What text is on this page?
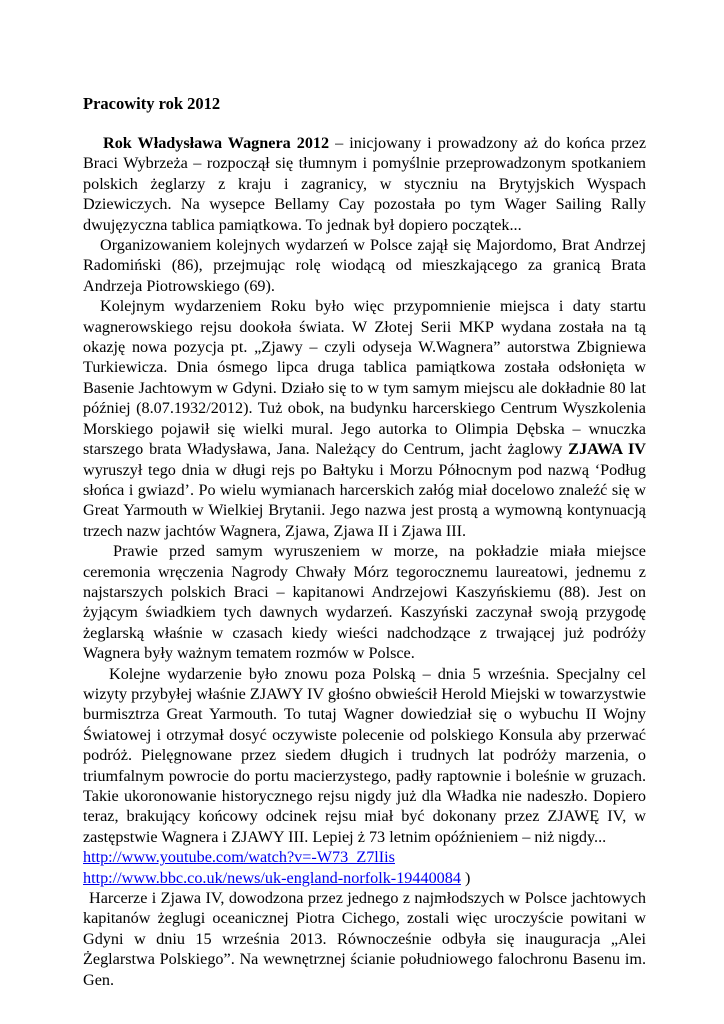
Pracowity rok 2012

Rok Władysława Wagnera 2012 – inicjowany i prowadzony aż do końca przez Braci Wybrzeża – rozpoczął się tłumnym i pomyślnie przeprowadzonym spotkaniem polskich żeglarzy z kraju i zagranicy, w styczniu na Brytyjskich Wyspach Dziewiczych. Na wysepce Bellamy Cay pozostała po tym Wager Sailing Rally dwujęzyczna tablica pamiątkowa. To jednak był dopiero początek...

Organizowaniem kolejnych wydarzeń w Polsce zajął się Majordomo, Brat Andrzej Radomiński (86), przejmując rolę wiodącą od mieszkającego za granicą Brata Andrzeja Piotrowskiego (69).

Kolejnym wydarzeniem Roku było więc przypomnienie miejsca i daty startu wagnerowskiego rejsu dookoła świata. W Złotej Serii MKP wydana została na tą okazję nowa pozycja pt. „Zjawy – czyli odyseja W.Wagnera” autorstwa Zbigniewa Turkiewicza. Dnia ósmego lipca druga tablica pamiątkowa została odsłonięta w Basenie Jachtowym w Gdyni. Działo się to w tym samym miejscu ale dokładnie 80 lat później (8.07.1932/2012). Tuż obok, na budynku harcerskiego Centrum Wyszkolenia Morskiego pojawił się wielki mural. Jego autorka to Olimpia Dębska – wnuczka starszego brata Władysława, Jana. Należący do Centrum, jacht żaglowy ZJAWA IV wyruszył tego dnia w długi rejs po Bałtyku i Morzu Północnym pod nazwą ‘Podług słońca i gwiazd’. Po wielu wymianach harcerskich załóg miał docelowo znaleźć się w Great Yarmouth w Wielkiej Brytanii. Jego nazwa jest prostą a wymowną kontynuacją trzech nazw jachtów Wagnera, Zjawa, Zjawa II i Zjawa III.

Prawie przed samym wyruszeniem w morze, na pokładzie miała miejsce ceremonia wręczenia Nagrody Chwały Mórz tegorocznemu laureatowi, jednemu z najstarszych polskich Braci – kapitanowi Andrzejowi Kaszyńskiemu (88). Jest on żyjącym świadkiem tych dawnych wydarzeń. Kaszyński zaczynał swoją przygodę żeglarską właśnie w czasach kiedy wieści nadchodzące z trwającej już podróży Wagnera były ważnym tematem rozmów w Polsce.

Kolejne wydarzenie było znowu poza Polską – dnia 5 września. Specjalny cel wizyty przybyłej właśnie ZJAWY IV głośno obwieścił Herold Miejski w towarzystwie burmisztrza Great Yarmouth. To tutaj Wagner dowiedział się o wybuchu II Wojny Światowej i otrzymał dosyć oczywiste polecenie od polskiego Konsula aby przerwać podróż. Pielęgnowane przez siedem długich i trudnych lat podróży marzenia, o triumfalnym powrocie do portu macierzystego, padły raptownie i boleśnie w gruzach. Takie ukoronowanie historycznego rejsu nigdy już dla Władka nie nadeszło. Dopiero teraz, brakujący końcowy odcinek rejsu miał być dokonany przez ZJAWĘ IV, w zastępstwie Wagnera i ZJAWY III. Lepiej ż 73 letnim opóźnieniem – niż nigdy...

http://www.youtube.com/watch?v=-W73_Z7lIis
http://www.bbc.co.uk/news/uk-england-norfolk-19440084 )

Harcerze i Zjawa IV, dowodzona przez jednego z najmłodszych w Polsce jachtowych kapitanów żeglugi oceanicznej Piotra Cichego, zostali więc uroczyście powitani w Gdyni w dniu 15 września 2013. Równocześnie odbyła się inauguracja „Alei Żeglarstwa Polskiego”. Na wewnętrznej ścianie południowego falochronu Basenu im. Gen.
